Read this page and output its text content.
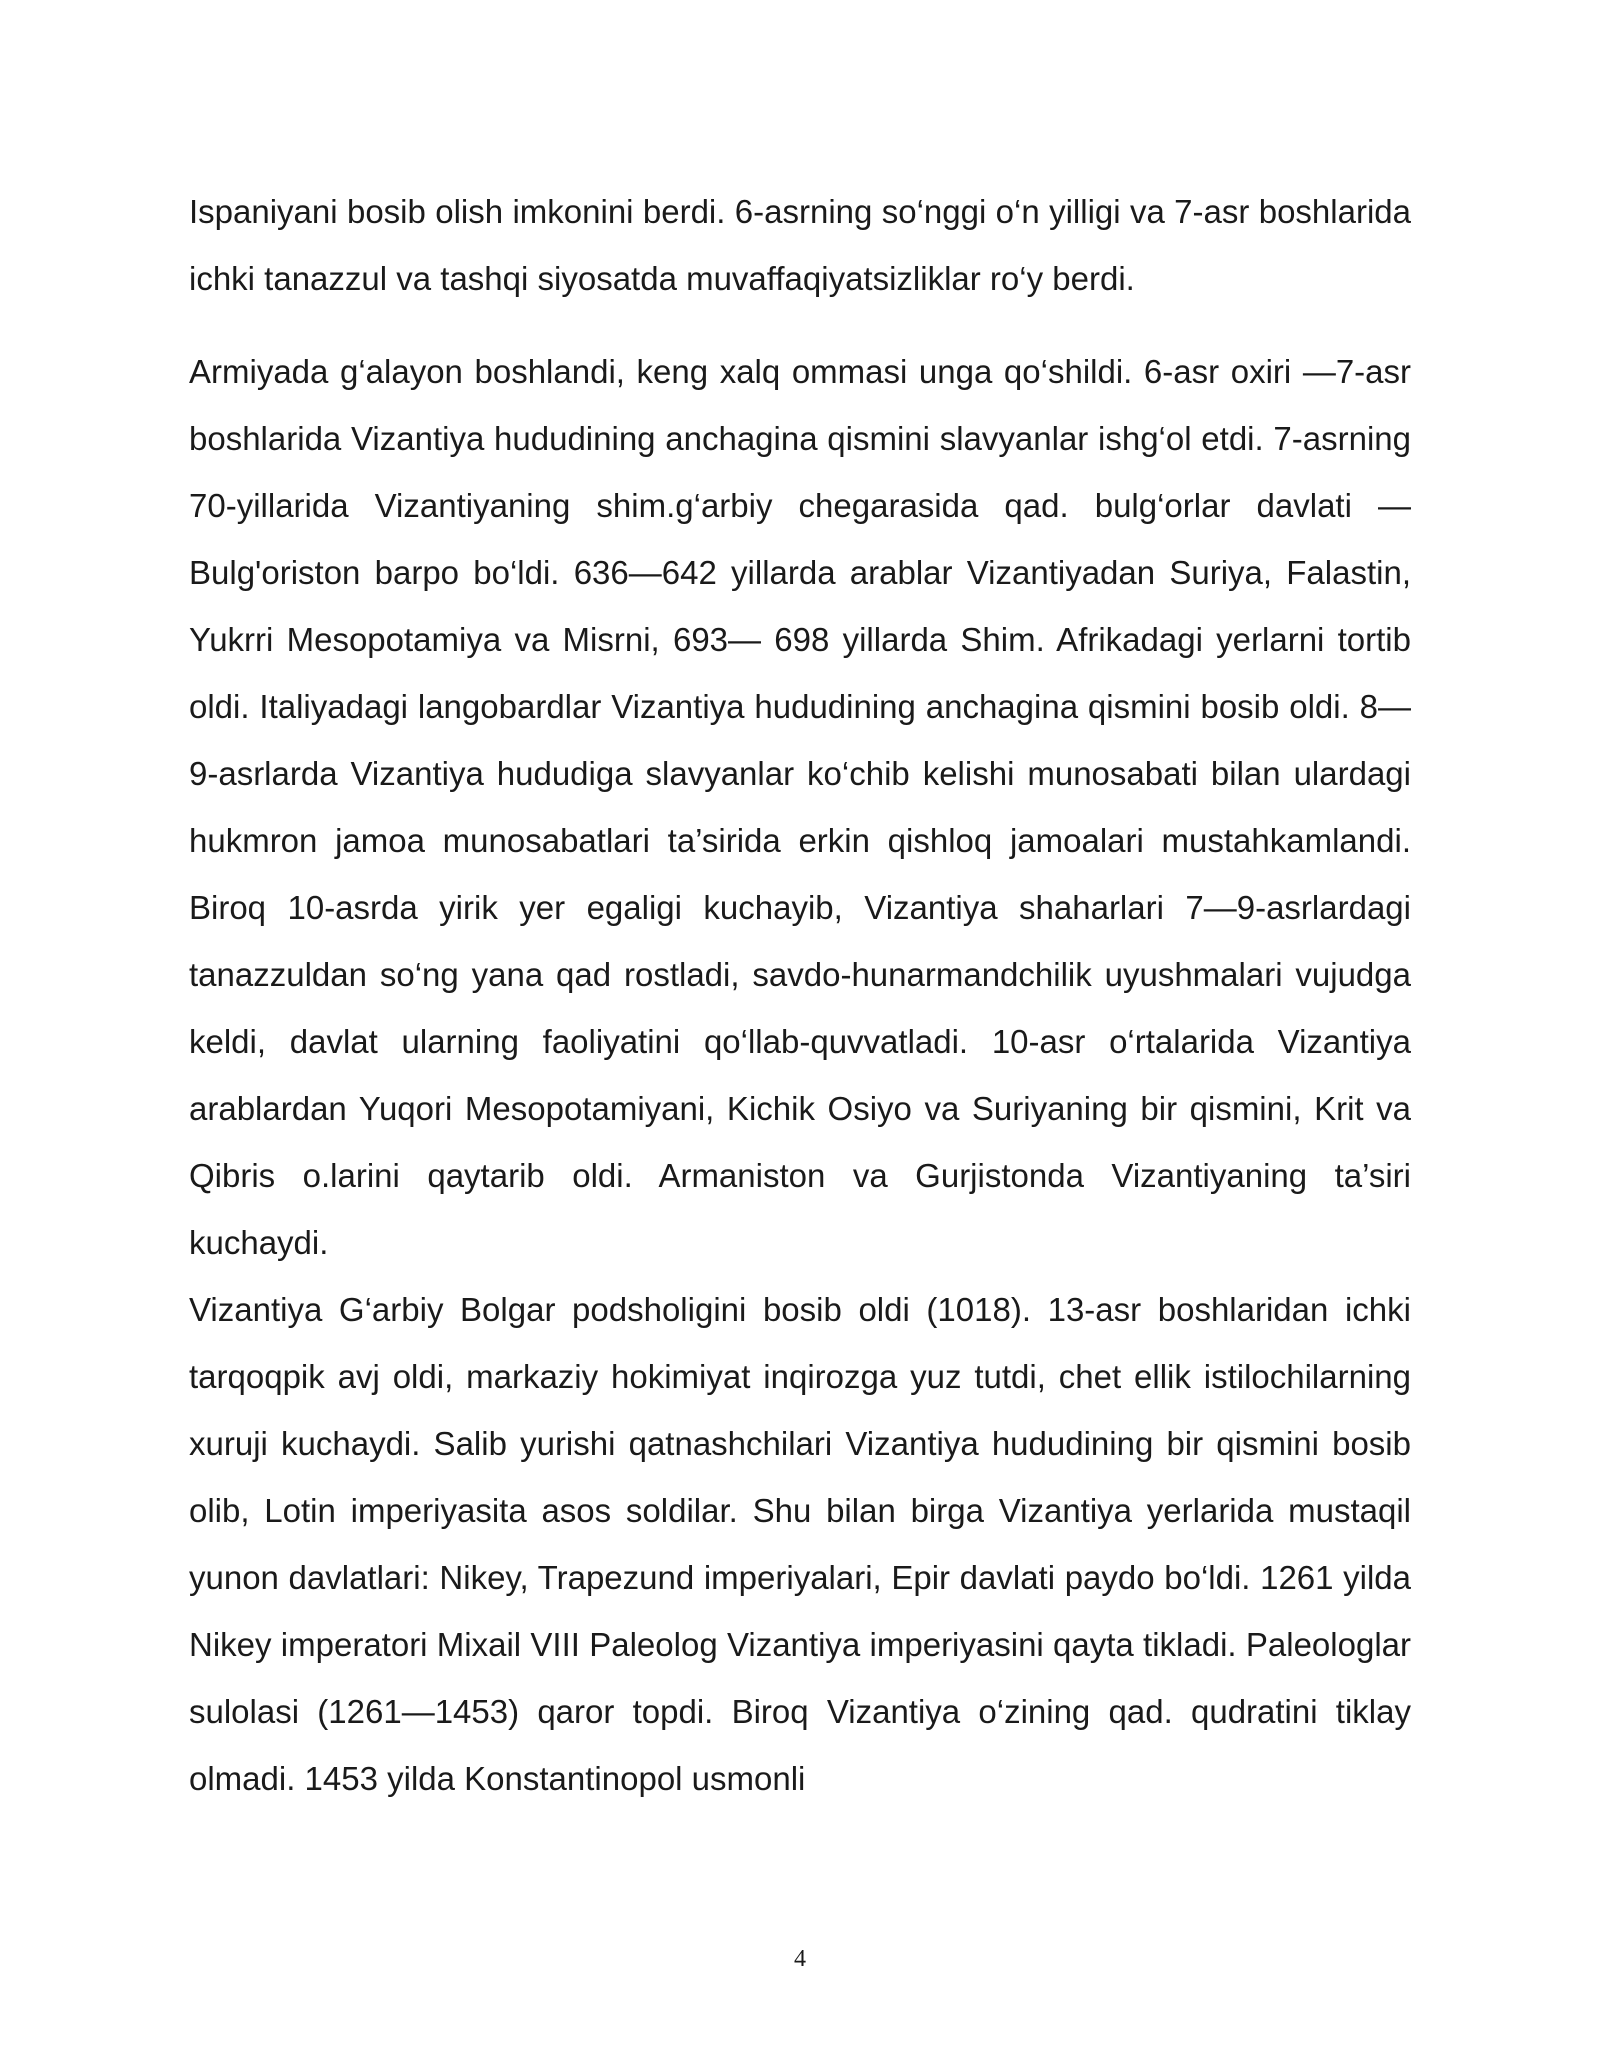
Ispaniyani bosib olish imkonini berdi. 6-asrning so‘nggi o‘n yilligi va 7-asr boshlarida ichki tanazzul va tashqi siyosatda muvaffaqiyatsizliklar ro‘y berdi.

Armiyada g‘alayon boshlandi, keng xalq ommasi unga qo‘shildi. 6-asr oxiri —7-asr boshlarida Vizantiya hududining anchagina qismini slavyanlar ishg‘ol etdi. 7-asrning 70-yillarida Vizantiyaning shim.g‘arbiy chegarasida qad. bulg‘orlar davlati — Bulg'oriston barpo bo‘ldi. 636—642 yillarda arablar Vizantiyadan Suriya, Falastin, Yukrri Mesopotamiya va Misrni, 693— 698 yillarda Shim. Afrikadagi yerlarni tortib oldi. Italiyadagi langobardlar Vizantiya hududining anchagina qismini bosib oldi. 8—9-asrlarda Vizantiya hududiga slavyanlar ko‘chib kelishi munosabati bilan ulardagi hukmron jamoa munosabatlari ta’sirida erkin qishloq jamoalari mustahkamlandi. Biroq 10-asrda yirik yer egaligi kuchayib, Vizantiya shaharlari 7—9-asrlardagi tanazzuldan so‘ng yana qad rostladi, savdo-hunarmandchilik uyushmalari vujudga keldi, davlat ularning faoliyatini qo‘llab-quvvatladi. 10-asr o‘rtalarida Vizantiya arablardan Yuqori Mesopotamiyani, Kichik Osiyo va Suriyaning bir qismini, Krit va Qibris o.larini qaytarib oldi. Armaniston va Gurjistonda Vizantiyaning ta’siri kuchaydi.

Vizantiya G‘arbiy Bolgar podsholigini bosib oldi (1018). 13-asr boshlaridan ichki tarqoqpik avj oldi, markaziy hokimiyat inqirozga yuz tutdi, chet ellik istilochilarning xuruji kuchaydi. Salib yurishi qatnashchilari Vizantiya hududining bir qismini bosib olib, Lotin imperiyasita asos soldilar. Shu bilan birga Vizantiya yerlarida mustaqil yunon davlatlari: Nikey, Trapezund imperiyalari, Epir davlati paydo bo‘ldi. 1261 yilda Nikey imperatori Mixail VIII Paleolog Vizantiya imperiyasini qayta tikladi. Paleologlar sulolasi (1261—1453) qaror topdi. Biroq Vizantiya o‘zining qad. qudratini tiklay olmadi. 1453 yilda Konstantinopol usmonli

4
